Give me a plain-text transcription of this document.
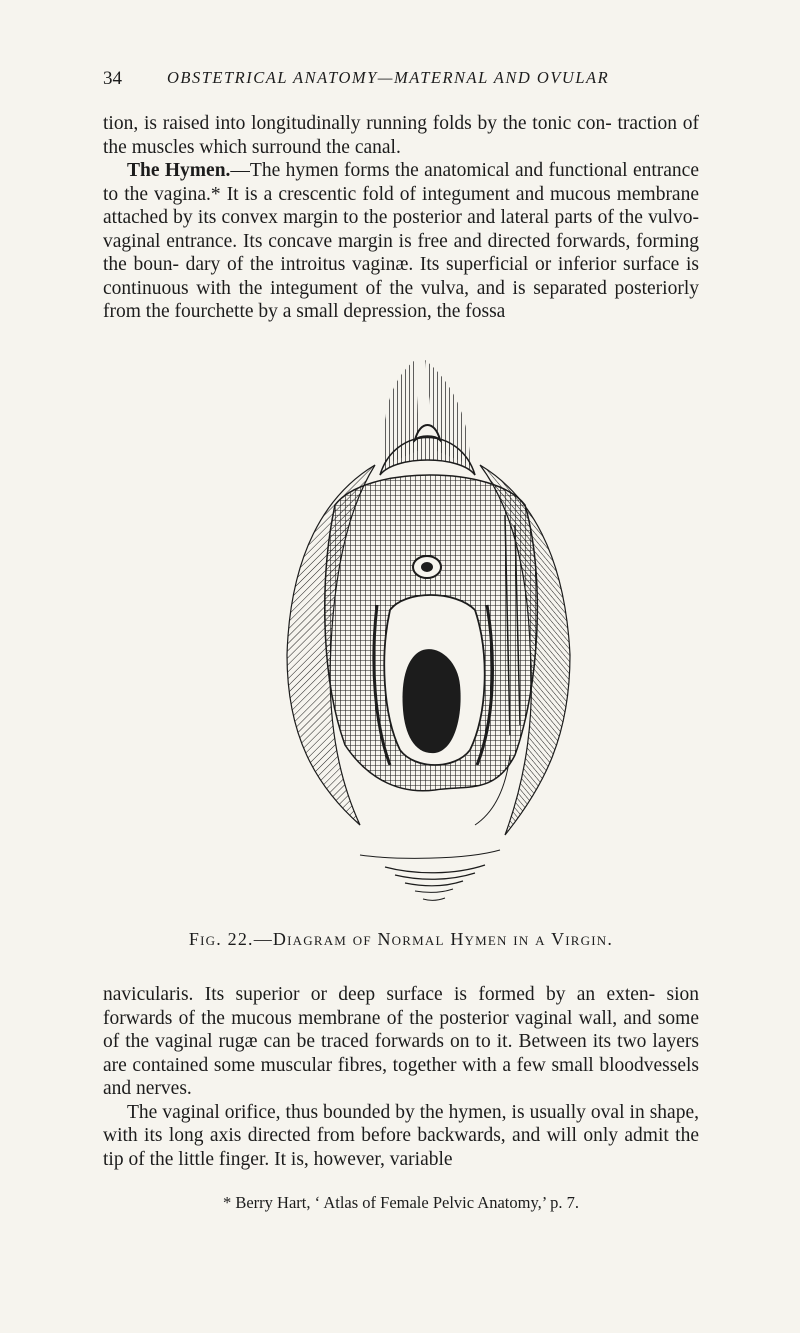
34	OBSTETRICAL ANATOMY—MATERNAL AND OVULAR

tion, is raised into longitudinally running folds by the tonic con- traction of the muscles which surround the canal.

The Hymen.—The hymen forms the anatomical and functional entrance to the vagina.* It is a crescentic fold of integument and mucous membrane attached by its convex margin to the posterior and lateral parts of the vulvo-vaginal entrance. Its concave margin is free and directed forwards, forming the boun- dary of the introitus vaginæ. Its superficial or inferior surface is continuous with the integument of the vulva, and is separated posteriorly from the fourchette by a small depression, the fossa

Fig. 22.—Diagram of Normal Hymen in a Virgin.

navicularis. Its superior or deep surface is formed by an exten- sion forwards of the mucous membrane of the posterior vaginal wall, and some of the vaginal rugæ can be traced forwards on to it. Between its two layers are contained some muscular fibres, together with a few small bloodvessels and nerves.

The vaginal orifice, thus bounded by the hymen, is usually oval in shape, with its long axis directed from before backwards, and will only admit the tip of the little finger. It is, however, variable

* Berry Hart, ‘ Atlas of Female Pelvic Anatomy,’ p. 7.
